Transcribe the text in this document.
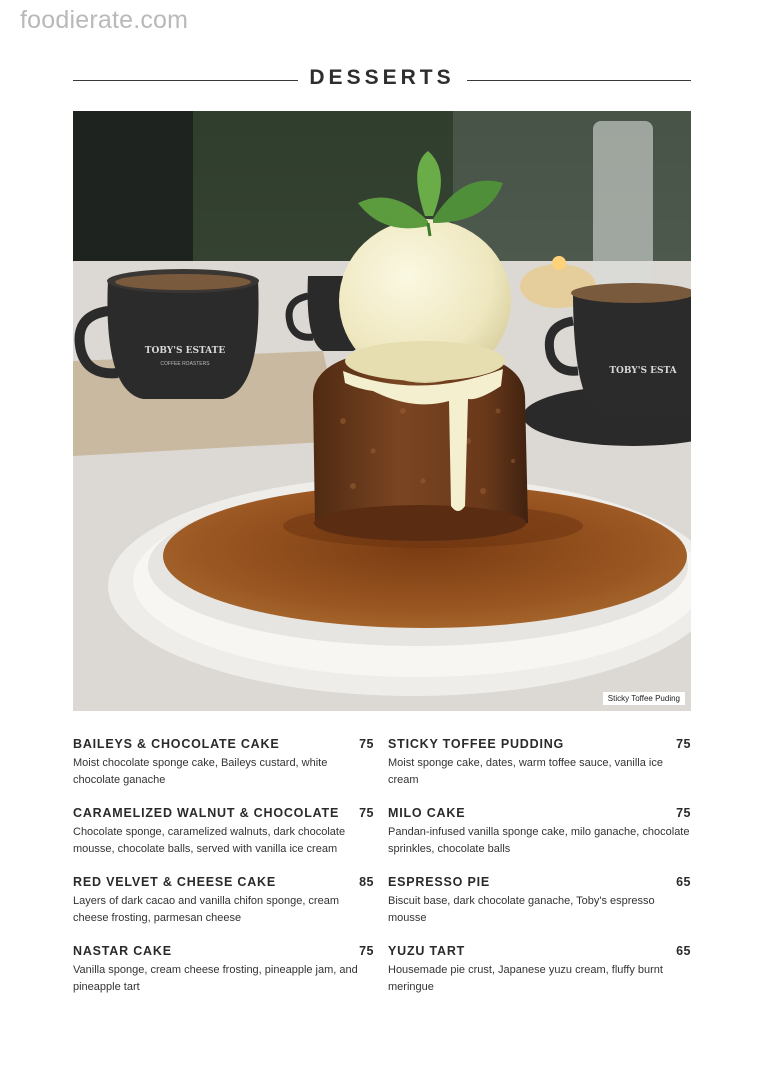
foodierate.com
DESSERTS
TOBY'S ESTATE
COFFEE ROASTERS
TOBY'S ESTA
Sticky Toffee Puding
BAILEYS & CHOCOLATE CAKE	75
Moist chocolate sponge cake, Baileys custard, white chocolate ganache
CARAMELIZED WALNUT & CHOCOLATE 75
Chocolate sponge, caramelized walnuts, dark chocolate mousse, chocolate balls, served with vanilla ice cream
RED VELVET & CHEESE CAKE	85
Layers of dark cacao and vanilla chifon sponge, cream cheese frosting, parmesan cheese
NASTAR CAKE	75
Vanilla sponge, cream cheese frosting, pineapple jam, and pineapple tart
STICKY TOFFEE PUDDING	75
Moist sponge cake, dates, warm toffee sauce, vanilla ice cream
MILO CAKE	75
Pandan-infused vanilla sponge cake, milo ganache, chocolate sprinkles, chocolate balls
ESPRESSO PIE	65
Biscuit base, dark chocolate ganache, Toby's espresso mousse
YUZU TART	65
Housemade pie crust, Japanese yuzu cream, fluffy burnt meringue
